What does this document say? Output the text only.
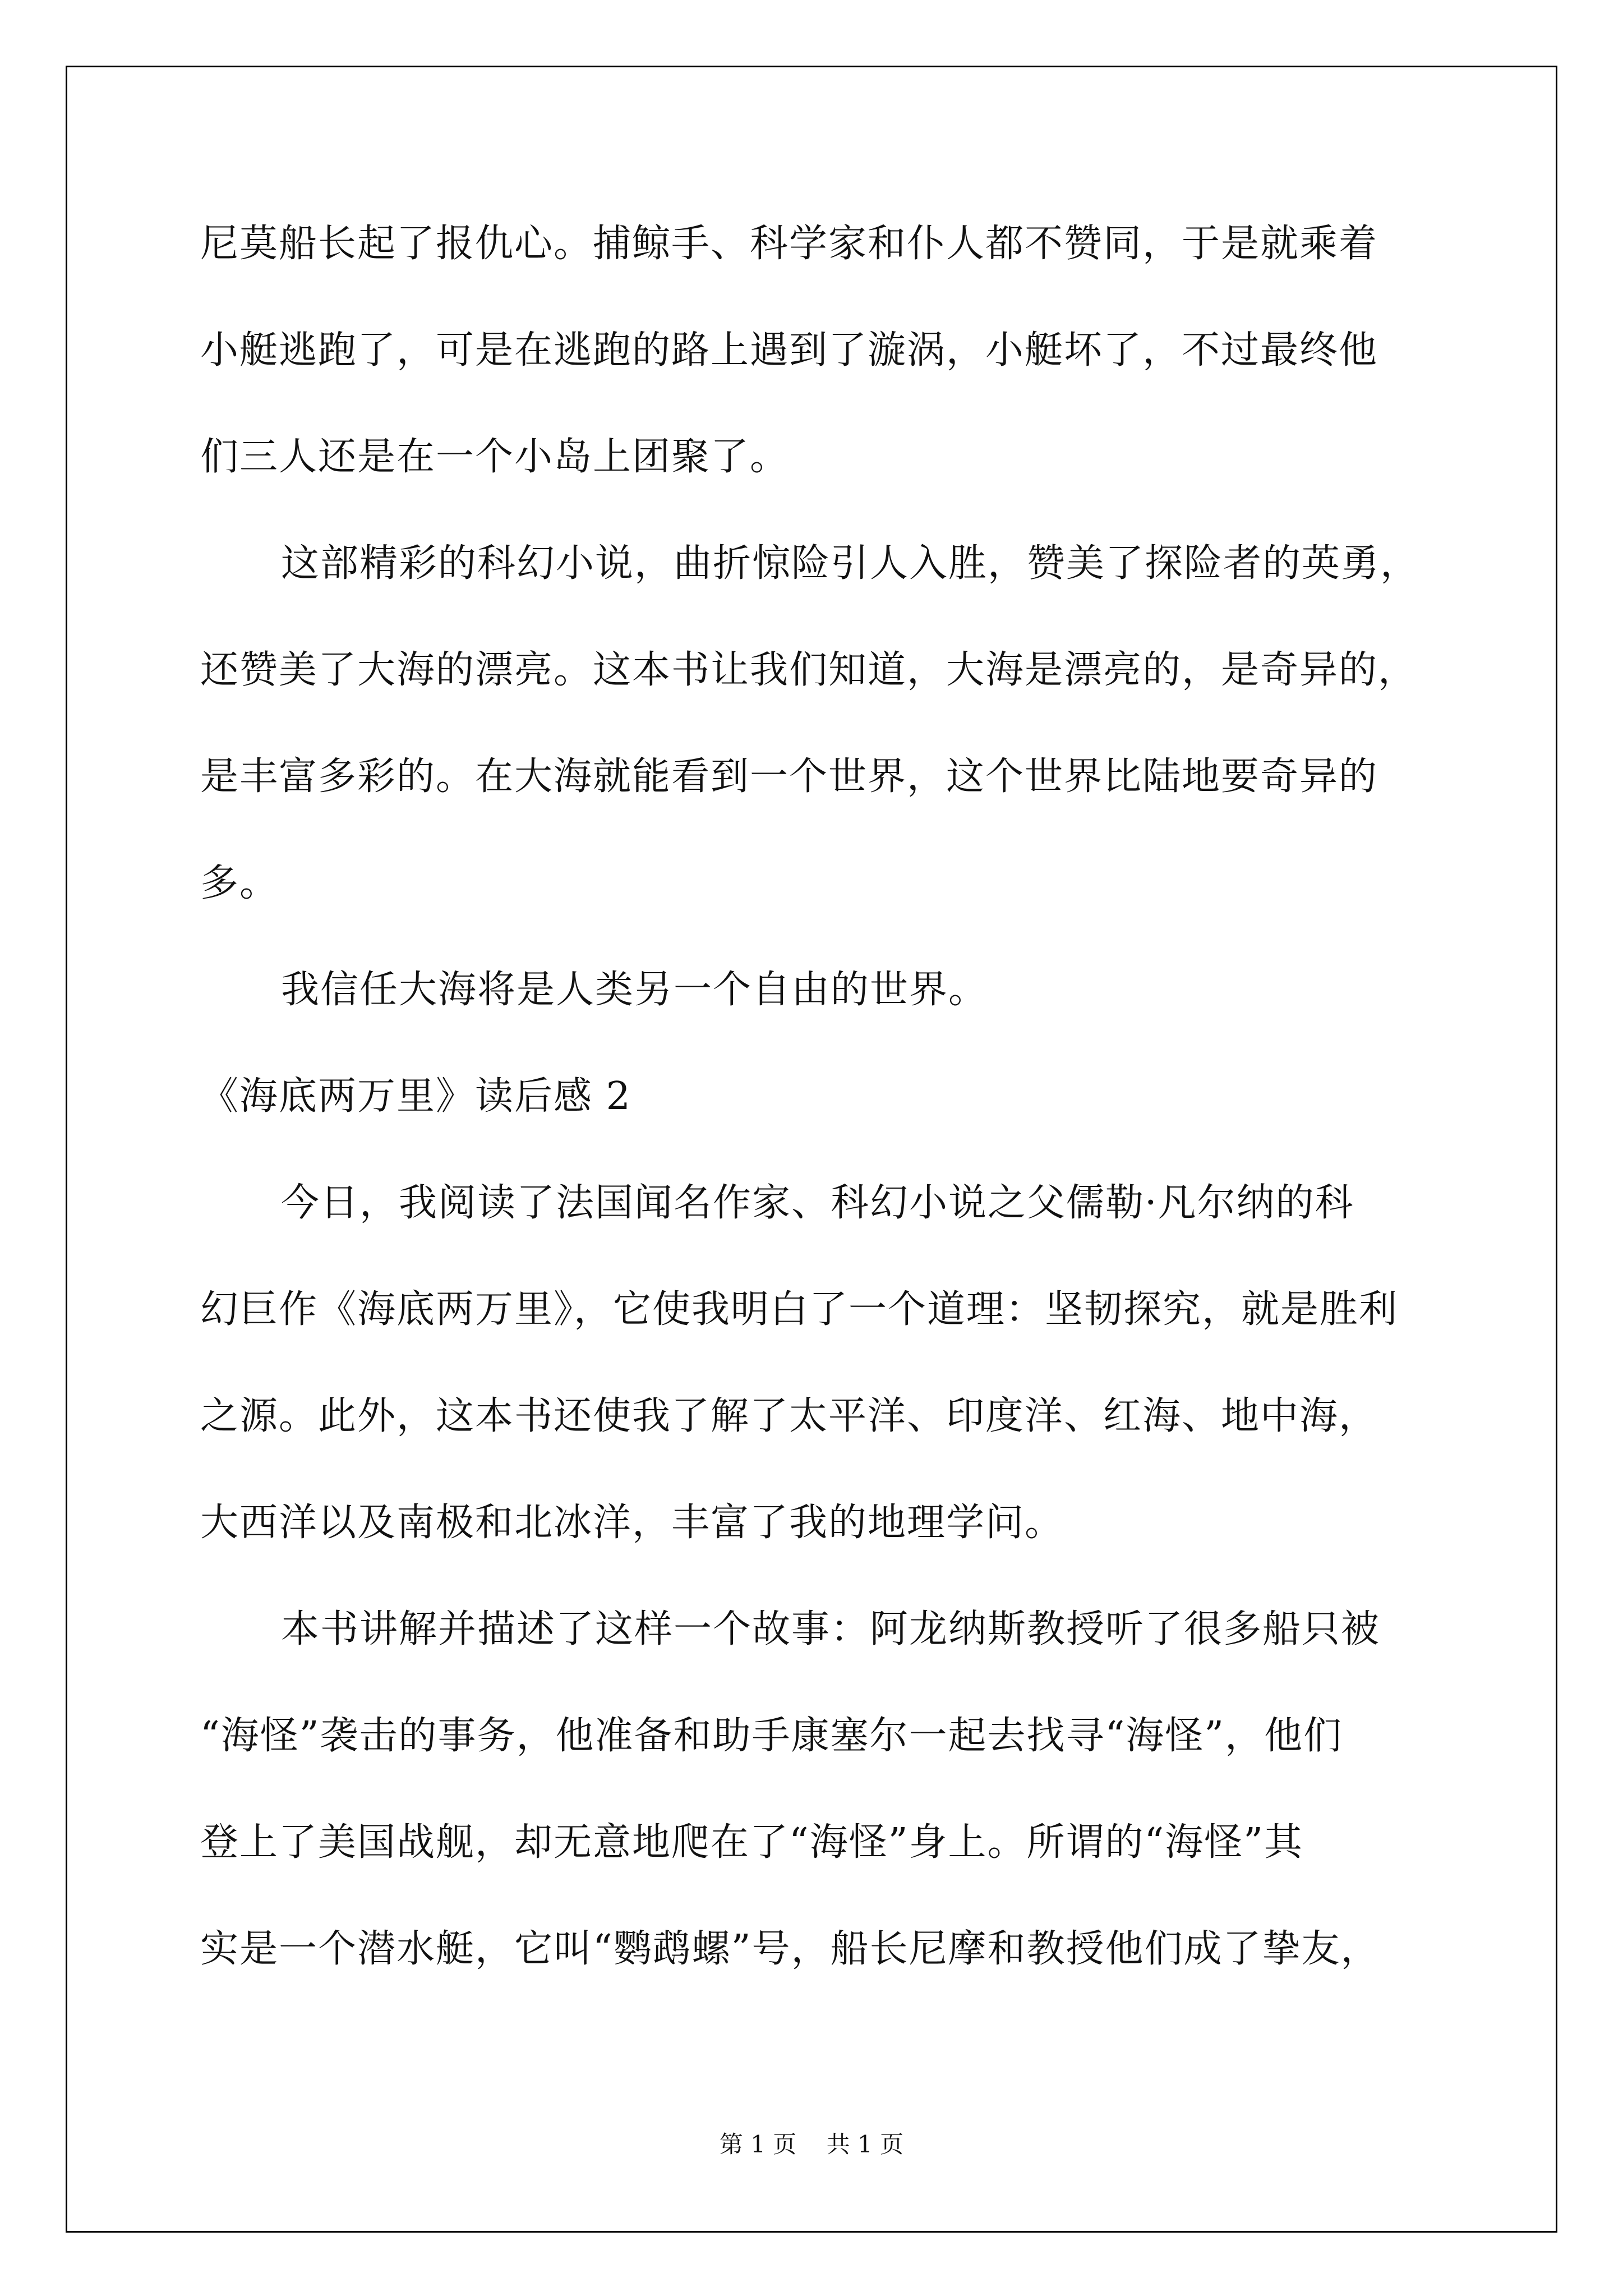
尼莫船长起了报仇心。捕鲸手、科学家和仆人都不赞同，于是就乘着
小艇逃跑了，可是在逃跑的路上遇到了漩涡，小艇坏了，不过最终他
们三人还是在一个小岛上团聚了。
这部精彩的科幻小说，曲折惊险引人入胜，赞美了探险者的英勇，
还赞美了大海的漂亮。这本书让我们知道，大海是漂亮的，是奇异的，
是丰富多彩的。在大海就能看到一个世界，这个世界比陆地要奇异的
多。
我信任大海将是人类另一个自由的世界。
《海底两万里》读后感 2
今日，我阅读了法国闻名作家、科幻小说之父儒勒·凡尔纳的科
幻巨作《海底两万里》，它使我明白了一个道理：坚韧探究，就是胜利
之源。此外，这本书还使我了解了太平洋、印度洋、红海、地中海，
大西洋以及南极和北冰洋，丰富了我的地理学问。
本书讲解并描述了这样一个故事：阿龙纳斯教授听了很多船只被
“海怪”袭击的事务，他准备和助手康塞尔一起去找寻“海怪”，他们
登上了美国战舰，却无意地爬在了“海怪”身上。所谓的“海怪”其
实是一个潜水艇，它叫“鹦鹉螺”号，船长尼摩和教授他们成了挚友，
第 1 页    共 1 页
